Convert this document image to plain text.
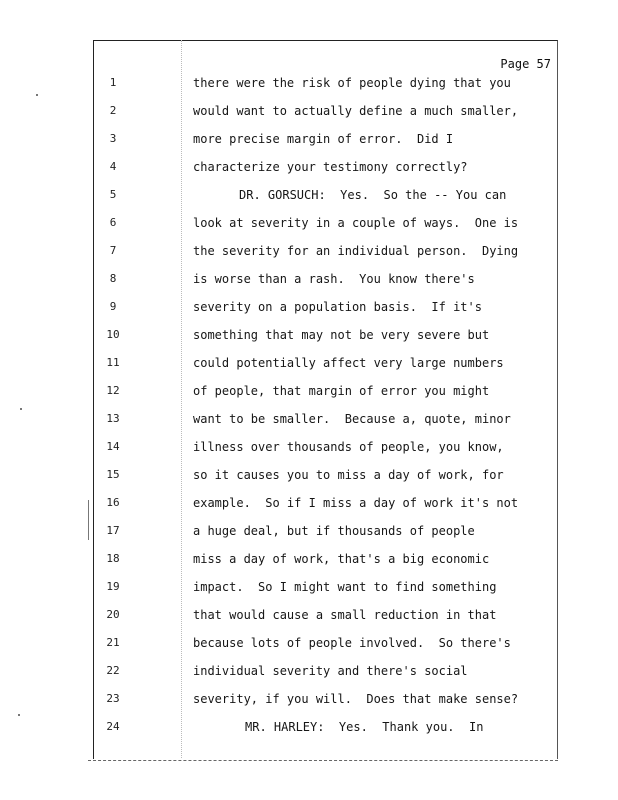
Page 57
1	there were the risk of people dying that you
2	would want to actually define a much smaller,
3	more precise margin of error.  Did I
4	characterize your testimony correctly?
5	DR. GORSUCH:  Yes.  So the -- You can
6	look at severity in a couple of ways.  One is
7	the severity for an individual person.  Dying
8	is worse than a rash.  You know there's
9	severity on a population basis.  If it's
10	something that may not be very severe but
11	could potentially affect very large numbers
12	of people, that margin of error you might
13	want to be smaller.  Because a, quote, minor
14	illness over thousands of people, you know,
15	so it causes you to miss a day of work, for
16	example.  So if I miss a day of work it's not
17	a huge deal, but if thousands of people
18	miss a day of work, that's a big economic
19	impact.  So I might want to find something
20	that would cause a small reduction in that
21	because lots of people involved.  So there's
22	individual severity and there's social
23	severity, if you will.  Does that make sense?
24	MR. HARLEY:  Yes.  Thank you.  In
